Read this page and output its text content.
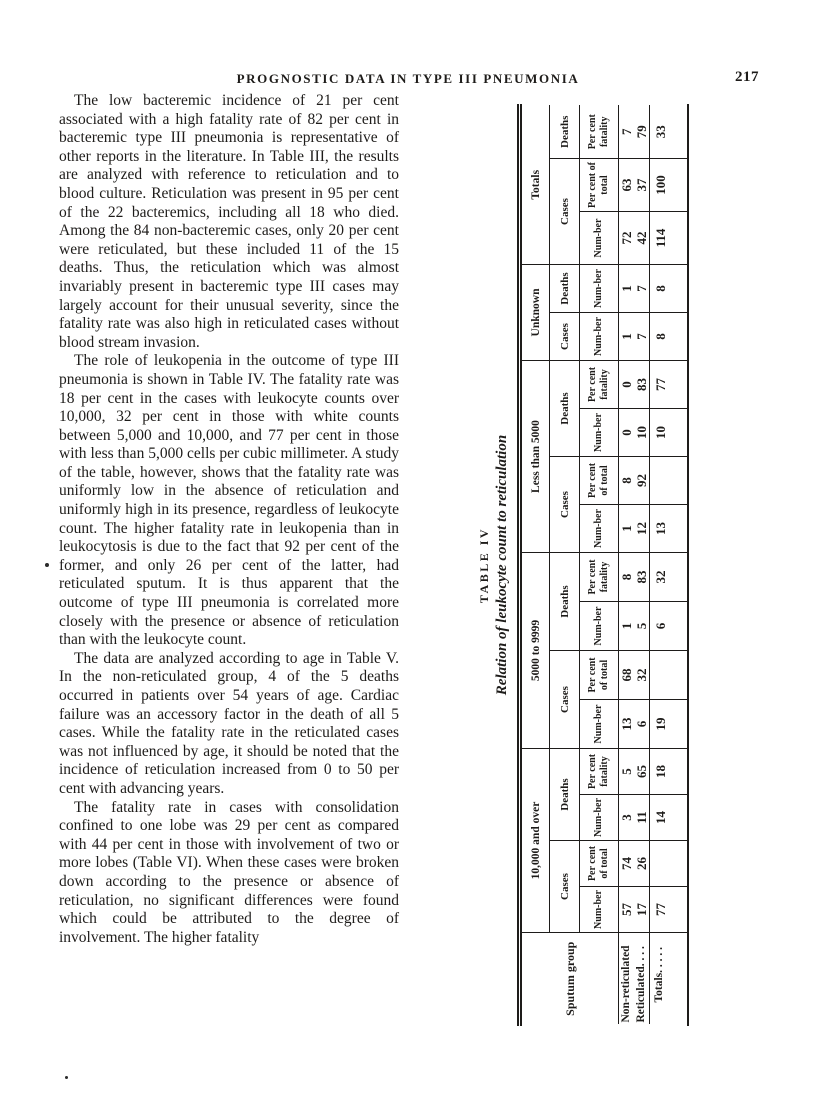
PROGNOSTIC DATA IN TYPE III PNEUMONIA	217

The low bacteremic incidence of 21 per cent associated with a high fatality rate of 82 per cent in bacteremic type III pneumonia is representative of other reports in the literature. In Table III, the results are analyzed with reference to reticulation and to blood culture. Reticulation was present in 95 per cent of the 22 bacteremics, including all 18 who died. Among the 84 non-bacteremic cases, only 20 per cent were reticulated, but these included 11 of the 15 deaths. Thus, the reticulation which was almost invariably present in bacteremic type III cases may largely account for their unusual severity, since the fatality rate was also high in reticulated cases without blood stream invasion.

The role of leukopenia in the outcome of type III pneumonia is shown in Table IV. The fatality rate was 18 per cent in the cases with leukocyte counts over 10,000, 32 per cent in those with white counts between 5,000 and 10,000, and 77 per cent in those with less than 5,000 cells per cubic millimeter. A study of the table, however, shows that the fatality rate was uniformly low in the absence of reticulation and uniformly high in its presence, regardless of leukocyte count. The higher fatality rate in leukopenia than in leukocytosis is due to the fact that 92 per cent of the former, and only 26 per cent of the latter, had reticulated sputum. It is thus apparent that the outcome of type III pneumonia is correlated more closely with the presence or absence of reticulation than with the leukocyte count.

The data are analyzed according to age in Table V. In the non-reticulated group, 4 of the 5 deaths occurred in patients over 54 years of age. Cardiac failure was an accessory factor in the death of all 5 cases. While the fatality rate in the reticulated cases was not influenced by age, it should be noted that the incidence of reticulation increased from 0 to 50 per cent with advancing years.

The fatality rate in cases with consolidation confined to one lobe was 29 per cent as compared with 44 per cent in those with involvement of two or more lobes (Table VI). When these cases were broken down according to the presence or absence of reticulation, no significant differences were found which could be attributed to the degree of involvement. The higher fatality

TABLE IV Relation of leukocyte count to reticulation
Sputum group	10,000 and over				5000 to 9999				Less than 5000				Unknown		Totals		
	Cases		Deaths		Cases		Deaths		Cases		Deaths		Cases	Deaths	Cases		Deaths
	Num-ber	Per cent of total	Num-ber	Per cent fatality	Num-ber	Per cent of total	Num-ber	Per cent fatality	Num-ber	Per cent of total	Num-ber	Per cent fatality	Num-ber	Num-ber	Num-ber	Per cent of total	Per cent fatality
Non-reticulated	57	74	3	5	13	68	1	8	1	8	0	0	1	1	72	63	7
Reticulated. . . .	17	26	11	65	6	32	5	83	12	92	10	83	7	7	42	37	79
Totals. . . . .	77		14	18	19		6	32	13		10	77	8	8	114	100	33
